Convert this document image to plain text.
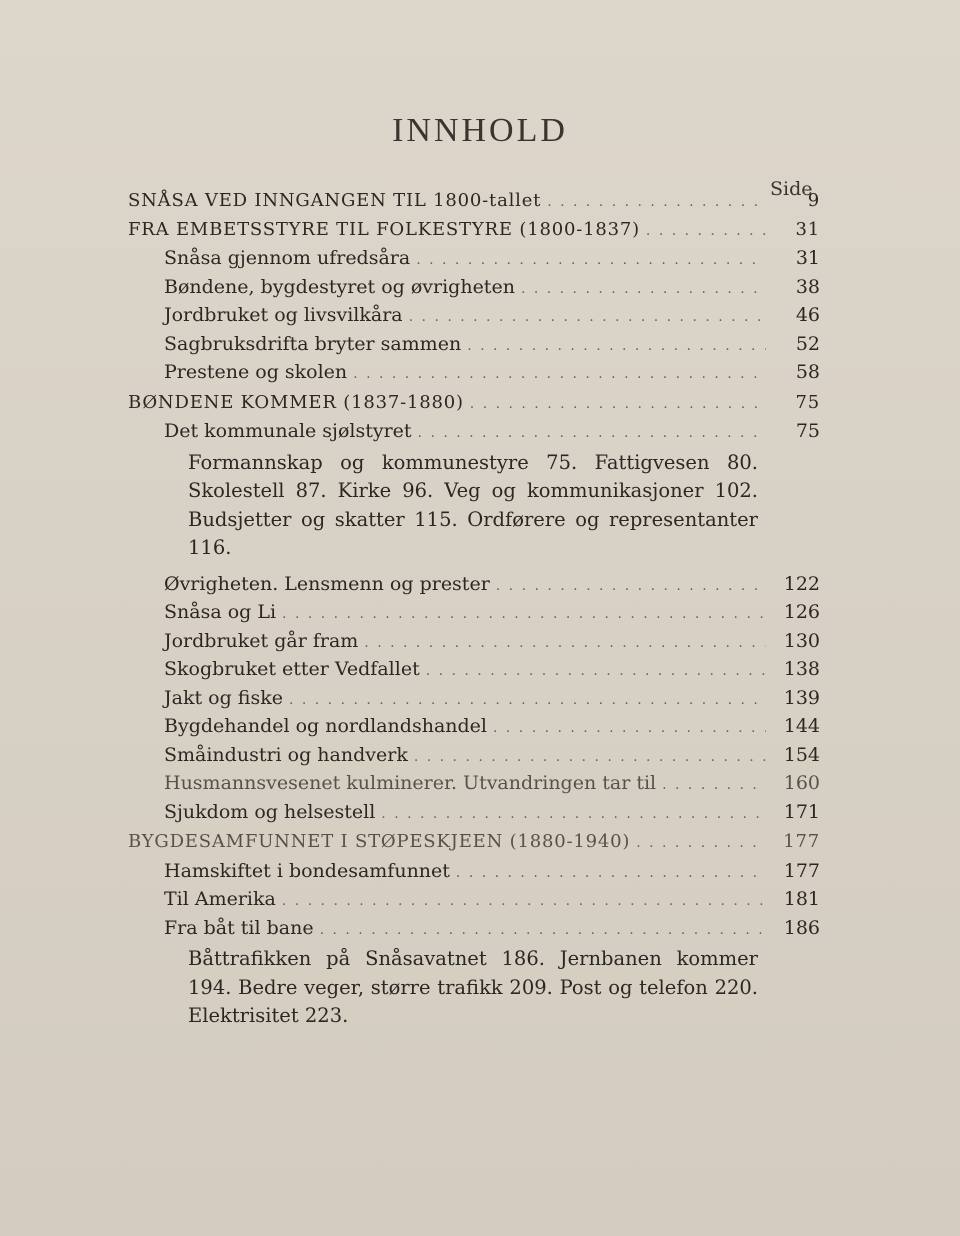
INNHOLD
Side
SNÅSA VED INNGANGEN TIL 1800-tallet . . .	9
FRA EMBETSSTYRE TIL FOLKESTYRE (1800-1837) . . .	31
Snåsa gjennom ufredsåra . . .	31
Bøndene, bygdestyret og øvrigheten . . .	38
Jordbruket og livsvilkåra . . .	46
Sagbruksdrifta bryter sammen . . .	52
Prestene og skolen . . .	58
BØNDENE KOMMER (1837-1880) . . .	75
Det kommunale sjølstyret . . .	75
Formannskap og kommunestyre 75. Fattigvesen 80. Skolestell 87. Kirke 96. Veg og kommunikasjoner 102. Budsjetter og skatter 115. Ordførere og representanter 116.
Øvrigheten. Lensmenn og prester . . .	122
Snåsa og Li . . .	126
Jordbruket går fram . . .	130
Skogbruket etter Vedfallet . . .	138
Jakt og fiske . . .	139
Bygdehandel og nordlandshandel . . .	144
Småindustri og handverk . . .	154
Husmannsvesenet kulminerer. Utvandringen tar til . . .	160
Sjukdom og helsestell . . .	171
BYGDESAMFUNNET I STØPESKJEEN (1880-1940) . . .	177
Hamskiftet i bondesamfunnet . . .	177
Til Amerika . . .	181
Fra båt til bane . . .	186
Båttrafikken på Snåsavatnet 186. Jernbanen kommer 194. Bedre veger, større trafikk 209. Post og telefon 220. Elektrisitet 223.
